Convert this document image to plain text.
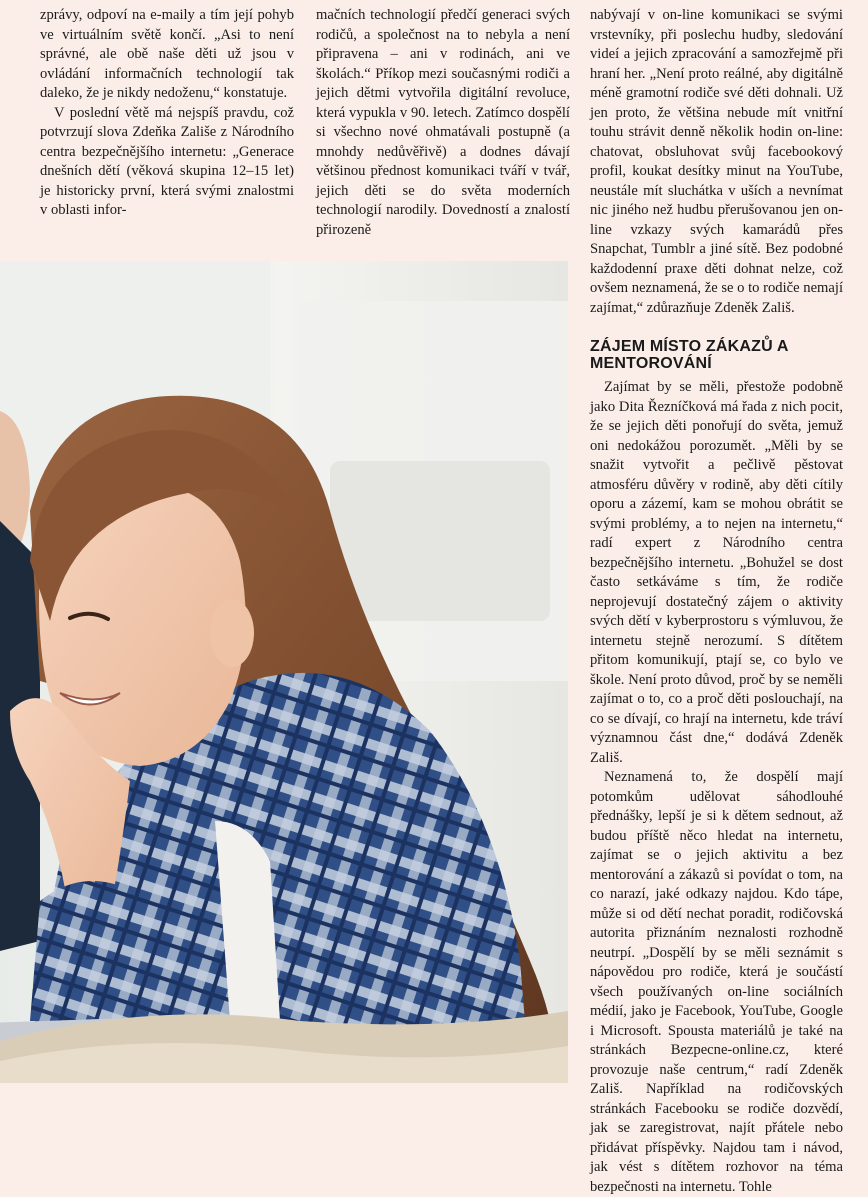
zprávy, odpoví na e-maily a tím její pohyb ve virtuálním světě končí. „Asi to není správné, ale obě naše děti už jsou v ovládání informačních technologií tak daleko, že je nikdy nedoženu,“ konstatuje.

V poslední větě má nejspíš pravdu, což potvrzují slova Zdeňka Zališe z Národního centra bezpečnějšího internetu: „Generace dnešních dětí (věková skupina 12–15 let) je historicky první, která svými znalostmi v oblasti infor-

mačních technologií předčí generaci svých rodičů, a společnost na to nebyla a není připravena – ani v rodinách, ani ve školách.“ Příkop mezi současnými rodiči a jejich dětmi vytvořila digitální revoluce, která vypukla v 90. letech. Zatímco dospělí si všechno nové ohmatávali postupně (a mnohdy nedůvěřivě) a dodnes dávají většinou přednost komunikaci tváří v tvář, jejich děti se do světa moderních technologií narodily. Dovedností a znalostí přirozeně

nabývají v on-line komunikaci se svými vrstevníky, při poslechu hudby, sledování videí a jejich zpracování a samozřejmě při hraní her. „Není proto reálné, aby digitálně méně gramotní rodiče své děti dohnali. Už jen proto, že většina nebude mít vnitřní touhu strávit denně několik hodin on-line: chatovat, obsluhovat svůj facebookový profil, koukat desítky minut na YouTube, neustále mít sluchátka v uších a nevnímat nic jiného než hudbu přerušovanou jen on-line vzkazy svých kamarádů přes Snapchat, Tumblr a jiné sítě. Bez podobné každodenní praxe děti dohnat nelze, což ovšem neznamená, že se o to rodiče nemají zajímat,“ zdůrazňuje Zdeněk Zališ.

ZÁJEM MÍSTO ZÁKAZŮ A MENTOROVÁNÍ

Zajímat by se měli, přestože podobně jako Dita Řezníčková má řada z nich pocit, že se jejich děti ponořují do světa, jemuž oni nedokážou porozumět. „Měli by se snažit vytvořit a pečlivě pěstovat atmosféru důvěry v rodině, aby děti cítily oporu a zázemí, kam se mohou obrátit se svými problémy, a to nejen na internetu,“ radí expert z Národního centra bezpečnějšího internetu. „Bohužel se dost často setkáváme s tím, že rodiče neprojevují dostatečný zájem o aktivity svých dětí v kyberprostoru s výmluvou, že internetu stejně nerozumí. S dítětem přitom komunikují, ptají se, co bylo ve škole. Není proto důvod, proč by se neměli zajímat o to, co a proč děti poslouchají, na co se dívají, co hrají na internetu, kde tráví významnou část dne,“ dodává Zdeněk Zališ.

Neznamená to, že dospělí mají potomkům udělovat sáhodlouhé přednášky, lepší je si k dětem sednout, až budou příště něco hledat na internetu, zajímat se o jejich aktivitu a bez mentorování a zákazů si povídat o tom, na co narazí, jaké odkazy najdou. Kdo tápe, může si od dětí nechat poradit, rodičovská autorita přiznáním neznalosti rozhodně neutrpí. „Dospělí by se měli seznámit s nápovědou pro rodiče, která je součástí všech používaných on-line sociálních médií, jako je Facebook, YouTube, Google i Microsoft. Spousta materiálů je také na stránkách Bezpecne-online.cz, které provozuje naše centrum,“ radí Zdeněk Zališ. Například na rodičovských stránkách Facebooku se rodiče dozvědí, jak se zaregistrovat, najít přátele nebo přidávat příspěvky. Najdou tam i návod, jak vést s dítětem rozhovor na téma bezpečnosti na internetu. Tohle
